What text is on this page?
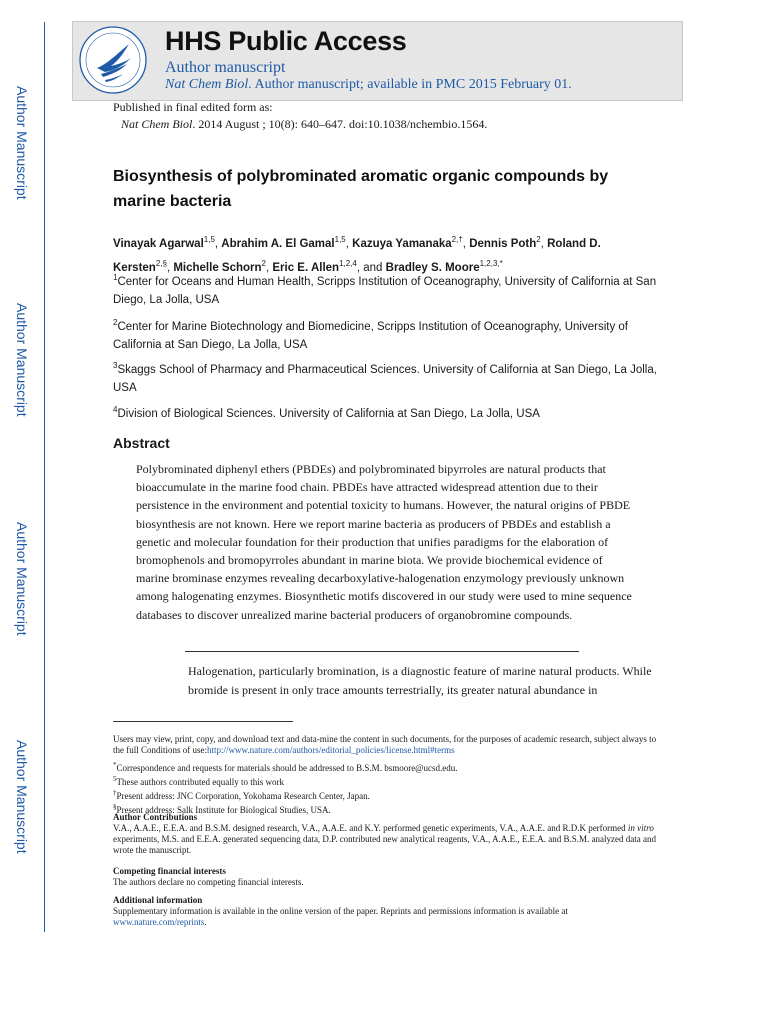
Author Manuscript
Author Manuscript
Author Manuscript
Author Manuscript
HHS Public Access
Author manuscript
Nat Chem Biol. Author manuscript; available in PMC 2015 February 01.
Published in final edited form as:
Nat Chem Biol. 2014 August ; 10(8): 640–647. doi:10.1038/nchembio.1564.
Biosynthesis of polybrominated aromatic organic compounds by marine bacteria
Vinayak Agarwal$^{1,5}$, Abrahim A. El Gamal$^{1,5}$, Kazuya Yamanaka$^{2,\dagger}$, Dennis Poth$^2$, Roland D. Kersten$^{2,\S}$, Michelle Schorn$^2$, Eric E. Allen$^{1,2,4}$, and Bradley S. Moore$^{1,2,3,*}$
$^1$Center for Oceans and Human Health, Scripps Institution of Oceanography, University of California at San Diego, La Jolla, USA
$^2$Center for Marine Biotechnology and Biomedicine, Scripps Institution of Oceanography, University of California at San Diego, La Jolla, USA
$^3$Skaggs School of Pharmacy and Pharmaceutical Sciences. University of California at San Diego, La Jolla, USA
$^4$Division of Biological Sciences. University of California at San Diego, La Jolla, USA
Abstract
Polybrominated diphenyl ethers (PBDEs) and polybrominated bipyrroles are natural products that bioaccumulate in the marine food chain. PBDEs have attracted widespread attention due to their persistence in the environment and potential toxicity to humans. However, the natural origins of PBDE biosynthesis are not known. Here we report marine bacteria as producers of PBDEs and establish a genetic and molecular foundation for their production that unifies paradigms for the elaboration of bromophenols and bromopyrroles abundant in marine biota. We provide biochemical evidence of marine brominase enzymes revealing decarboxylative-halogenation enzymology previously unknown among halogenating enzymes. Biosynthetic motifs discovered in our study were used to mine sequence databases to discover unrealized marine bacterial producers of organobromine compounds.
Halogenation, particularly bromination, is a diagnostic feature of marine natural products. While bromide is present in only trace amounts terrestrially, its greater natural abundance in
Users may view, print, copy, and download text and data-mine the content in such documents, for the purposes of academic research, subject always to the full Conditions of use:http://www.nature.com/authors/editorial_policies/license.html#terms
*Correspondence and requests for materials should be addressed to B.S.M. bsmoore@ucsd.edu.
$^5$These authors contributed equally to this work
†Present address: JNC Corporation, Yokohama Research Center, Japan.
§Present address: Salk Institute for Biological Studies, USA.
Author Contributions
V.A., A.A.E., E.E.A. and B.S.M. designed research, V.A., A.A.E. and K.Y. performed genetic experiments, V.A., A.A.E. and R.D.K performed in vitro experiments, M.S. and E.E.A. generated sequencing data, D.P. contributed new analytical reagents, V.A., A.A.E., E.E.A. and B.S.M. analyzed data and wrote the manuscript.
Competing financial interests
The authors declare no competing financial interests.
Additional information
Supplementary information is available in the online version of the paper. Reprints and permissions information is available at www.nature.com/reprints.
